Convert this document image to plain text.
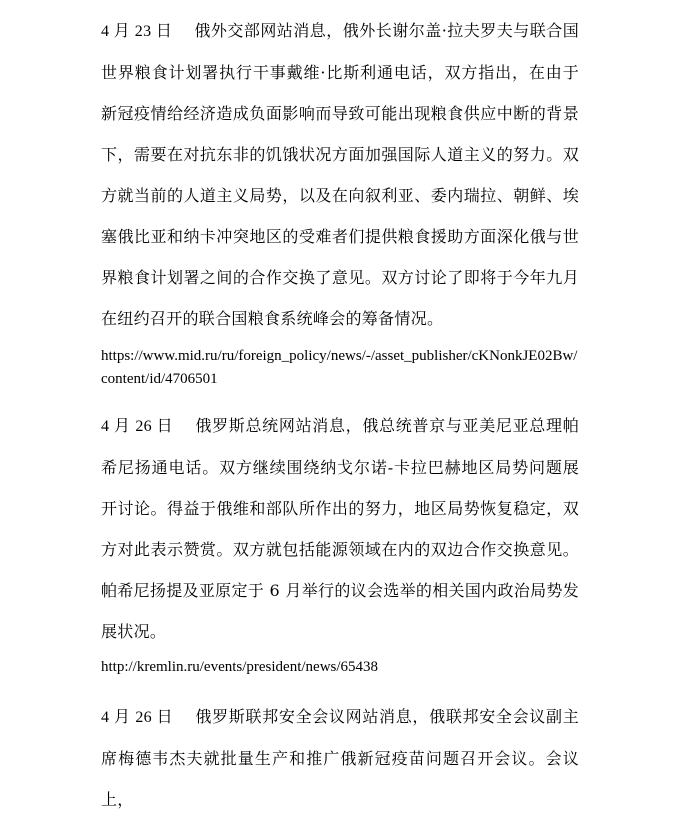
4 月 23 日 俄外交部网站消息，俄外长谢尔盖·拉夫罗夫与联合国世界粮食计划署执行干事戴维·比斯利通电话，双方指出，在由于新冠疫情给经济造成负面影响而导致可能出现粮食供应中断的背景下，需要在对抗东非的饥饿状况方面加强国际人道主义的努力。双方就当前的人道主义局势，以及在向叙利亚、委内瑞拉、朝鲜、埃塞俄比亚和纳卡冲突地区的受难者们提供粮食援助方面深化俄与世界粮食计划署之间的合作交换了意见。双方讨论了即将于今年九月在纽约召开的联合国粮食系统峰会的筹备情况。

https://www.mid.ru/ru/foreign_policy/news/-/asset_publisher/cKNonkJE02Bw/content/id/4706501

4 月 26 日 俄罗斯总统网站消息，俄总统普京与亚美尼亚总理帕希尼扬通电话。双方继续围绕纳戈尔诺-卡拉巴赫地区局势问题展开讨论。得益于俄维和部队所作出的努力，地区局势恢复稳定，双方对此表示赞赏。双方就包括能源领域在内的双边合作交换意见。帕希尼扬提及亚原定于 6 月举行的议会选举的相关国内政治局势发展状况。

http://kremlin.ru/events/president/news/65438

4 月 26 日 俄罗斯联邦安全会议网站消息，俄联邦安全会议副主席梅德韦杰夫就批量生产和推广俄新冠疫苗问题召开会议。会议上，
